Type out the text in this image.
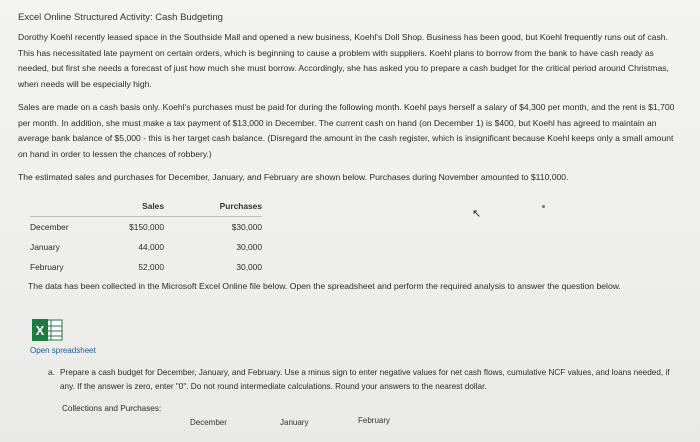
Excel Online Structured Activity: Cash Budgeting
Dorothy Koehl recently leased space in the Southside Mall and opened a new business, Koehl's Doll Shop. Business has been good, but Koehl frequently runs out of cash. This has necessitated late payment on certain orders, which is beginning to cause a problem with suppliers. Koehl plans to borrow from the bank to have cash ready as needed, but first she needs a forecast of just how much she must borrow. Accordingly, she has asked you to prepare a cash budget for the critical period around Christmas, when needs will be especially high.
Sales are made on a cash basis only. Koehl's purchases must be paid for during the following month. Koehl pays herself a salary of $4,300 per month, and the rent is $1,700 per month. In addition, she must make a tax payment of $13,000 in December. The current cash on hand (on December 1) is $400, but Koehl has agreed to maintain an average bank balance of $5,000 - this is her target cash balance. (Disregard the amount in the cash register, which is insignificant because Koehl keeps only a small amount on hand in order to lessen the chances of robbery.)
The estimated sales and purchases for December, January, and February are shown below. Purchases during November amounted to $110,000.
	Sales	Purchases
December	$150,000	$30,000
January	44,000	30,000
February	52,000	30,000
↖
The data has been collected in the Microsoft Excel Online file below. Open the spreadsheet and perform the required analysis to answer the question below.
X
Open spreadsheet
a. Prepare a cash budget for December, January, and February. Use a minus sign to enter negative values for net cash flows, cumulative NCF values, and loans needed, if any. If the answer is zero, enter "0". Do not round intermediate calculations. Round your answers to the nearest dollar.
Collections and Purchases:
December	January	February
